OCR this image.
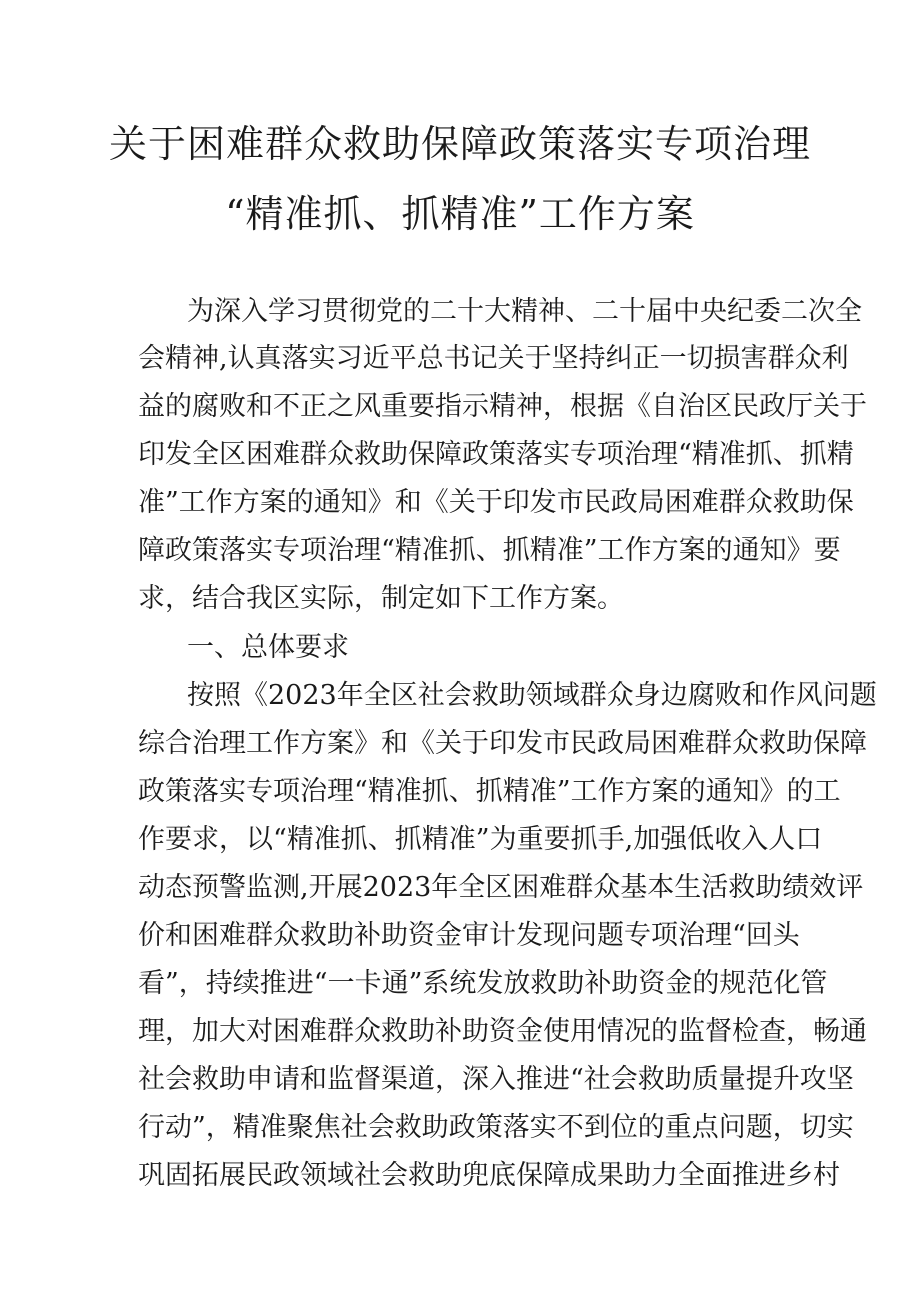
关于困难群众救助保障政策落实专项治理
“精准抓、抓精准”工作方案

为深入学习贯彻党的二十大精神、二十届中央纪委二次全

会精神,认真落实习近平总书记关于坚持纠正一切损害群众利

益的腐败和不正之风重要指示精神，根据《自治区民政厅关于

印发全区困难群众救助保障政策落实专项治理“精准抓、抓精

准”工作方案的通知》和《关于印发市民政局困难群众救助保

障政策落实专项治理“精准抓、抓精准”工作方案的通知》要

求，结合我区实际，制定如下工作方案。

一、总体要求

按照《2023年全区社会救助领域群众身边腐败和作风问题

综合治理工作方案》和《关于印发市民政局困难群众救助保障

政策落实专项治理“精准抓、抓精准”工作方案的通知》的工

作要求，以“精准抓、抓精准”为重要抓手,加强低收入人口

动态预警监测,开展2023年全区困难群众基本生活救助绩效评

价和困难群众救助补助资金审计发现问题专项治理“回头

看”，持续推进“一卡通”系统发放救助补助资金的规范化管

理，加大对困难群众救助补助资金使用情况的监督检查，畅通

社会救助申请和监督渠道，深入推进“社会救助质量提升攻坚

行动”，精准聚焦社会救助政策落实不到位的重点问题，切实

巩固拓展民政领域社会救助兜底保障成果助力全面推进乡村
